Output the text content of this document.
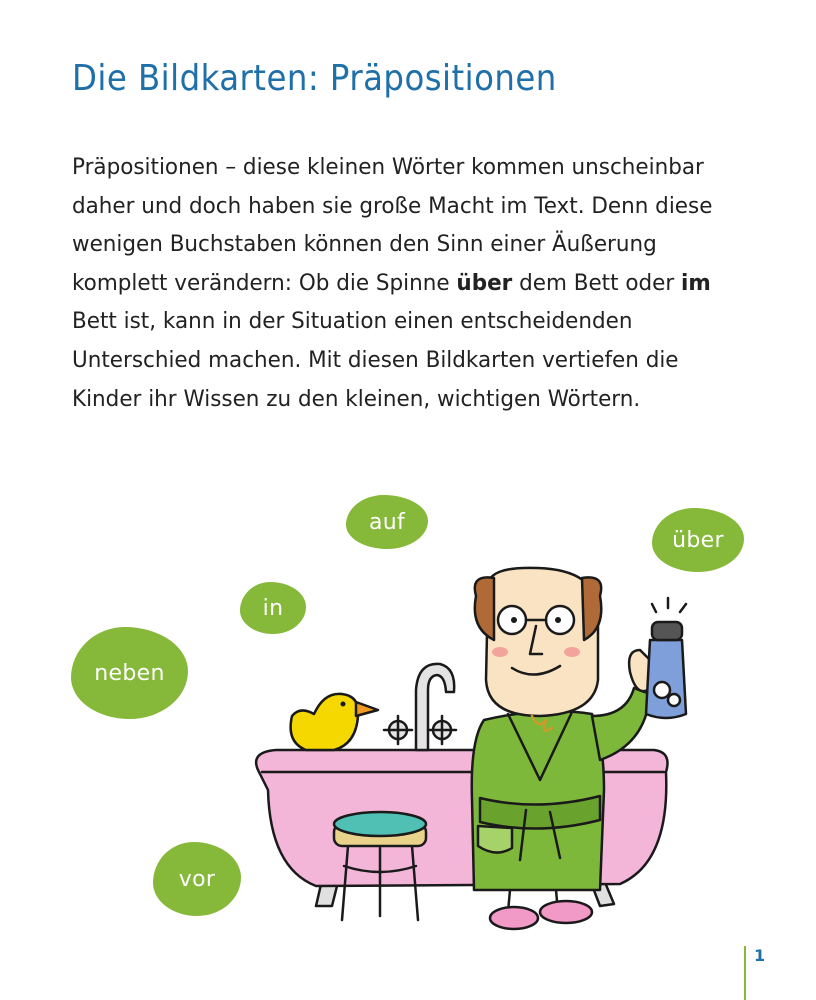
Die Bildkarten: Präpositionen

Präpositionen – diese kleinen Wörter kommen unscheinbar daher und doch haben sie große Macht im Text. Denn diese wenigen Buchstaben können den Sinn einer Äußerung komplett verändern: Ob die Spinne über dem Bett oder im Bett ist, kann in der Situation einen entscheidenden Unterschied machen. Mit diesen Bildkarten vertiefen die Kinder ihr Wissen zu den kleinen, wichtigen Wörtern.

auf
über
in
neben
vor
1
